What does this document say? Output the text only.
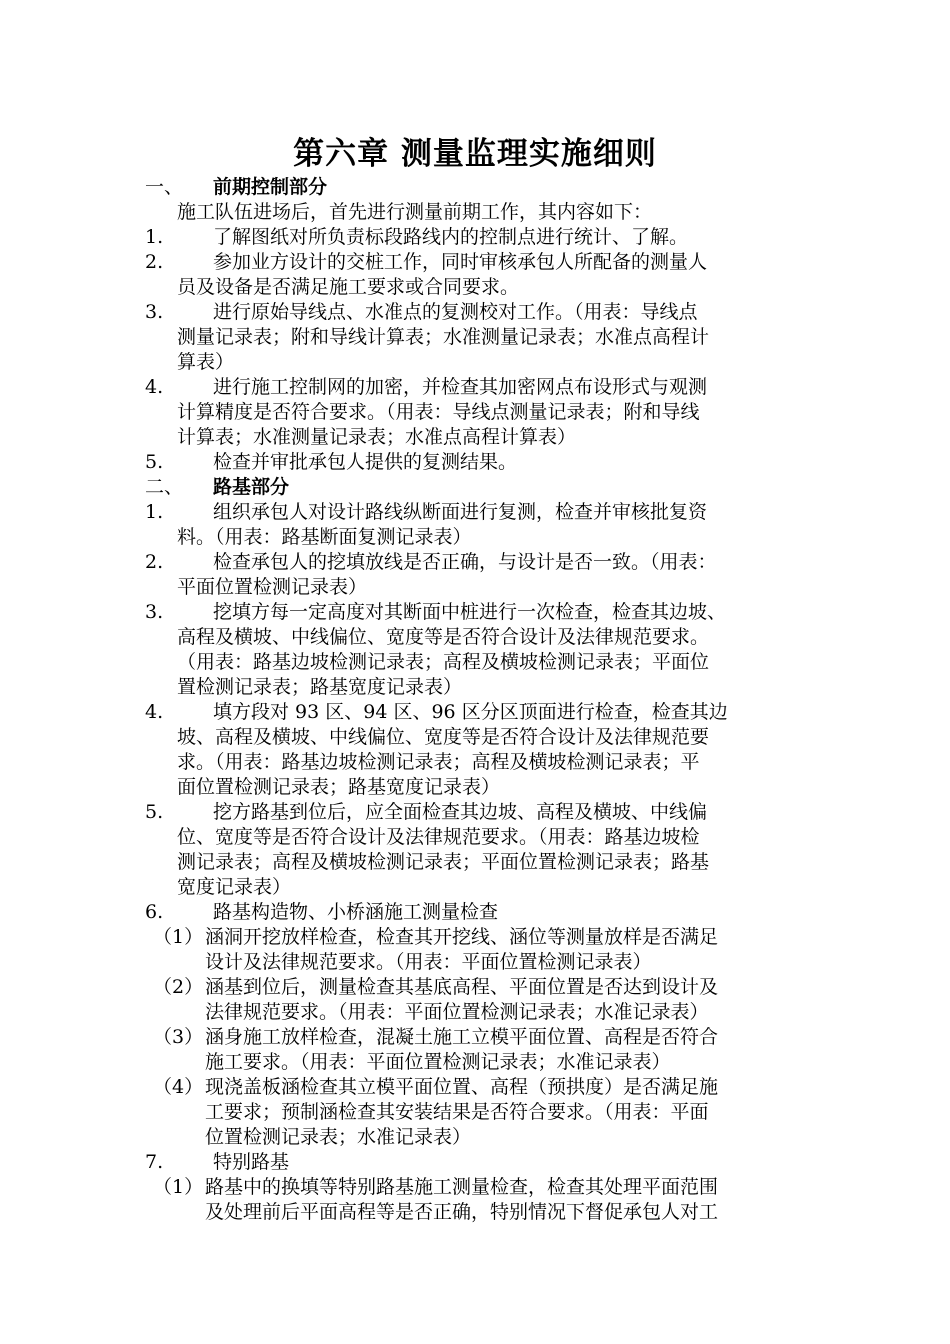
第六章 测量监理实施细则
一、	前期控制部分
施工队伍进场后，首先进行测量前期工作，其内容如下：
1.	了解图纸对所负责标段路线内的控制点进行统计、了解。
2.	参加业方设计的交桩工作，同时审核承包人所配备的测量人
员及设备是否满足施工要求或合同要求。
3.	进行原始导线点、水准点的复测校对工作。（用表：导线点
测量记录表；附和导线计算表；水准测量记录表；水准点高程计
算表）
4.	进行施工控制网的加密，并检查其加密网点布设形式与观测
计算精度是否符合要求。（用表：导线点测量记录表；附和导线
计算表；水准测量记录表；水准点高程计算表）
5.	检查并审批承包人提供的复测结果。
二、	路基部分
1.	组织承包人对设计路线纵断面进行复测，检查并审核批复资
料。（用表：路基断面复测记录表）
2.	检查承包人的挖填放线是否正确，与设计是否一致。（用表：
平面位置检测记录表）
3.	挖填方每一定高度对其断面中桩进行一次检查，检查其边坡、
高程及横坡、中线偏位、宽度等是否符合设计及法律规范要求。
（用表：路基边坡检测记录表；高程及横坡检测记录表；平面位
置检测记录表；路基宽度记录表）
4.	填方段对 93 区、94 区、96 区分区顶面进行检查，检查其边
坡、高程及横坡、中线偏位、宽度等是否符合设计及法律规范要
求。（用表：路基边坡检测记录表；高程及横坡检测记录表；平
面位置检测记录表；路基宽度记录表）
5.	挖方路基到位后，应全面检查其边坡、高程及横坡、中线偏
位、宽度等是否符合设计及法律规范要求。（用表：路基边坡检
测记录表；高程及横坡检测记录表；平面位置检测记录表；路基
宽度记录表）
6.	路基构造物、小桥涵施工测量检查
（1） 涵洞开挖放样检查，检查其开挖线、涵位等测量放样是否满足
设计及法律规范要求。（用表：平面位置检测记录表）
（2） 涵基到位后，测量检查其基底高程、平面位置是否达到设计及
法律规范要求。（用表：平面位置检测记录表；水准记录表）
（3） 涵身施工放样检查，混凝土施工立模平面位置、高程是否符合
施工要求。（用表：平面位置检测记录表；水准记录表）
（4） 现浇盖板涵检查其立模平面位置、高程（预拱度）是否满足施
工要求；预制涵检查其安装结果是否符合要求。（用表：平面
位置检测记录表；水准记录表）
7.	特别路基
（1） 路基中的换填等特别路基施工测量检查，检查其处理平面范围
及处理前后平面高程等是否正确，特别情况下督促承包人对工
